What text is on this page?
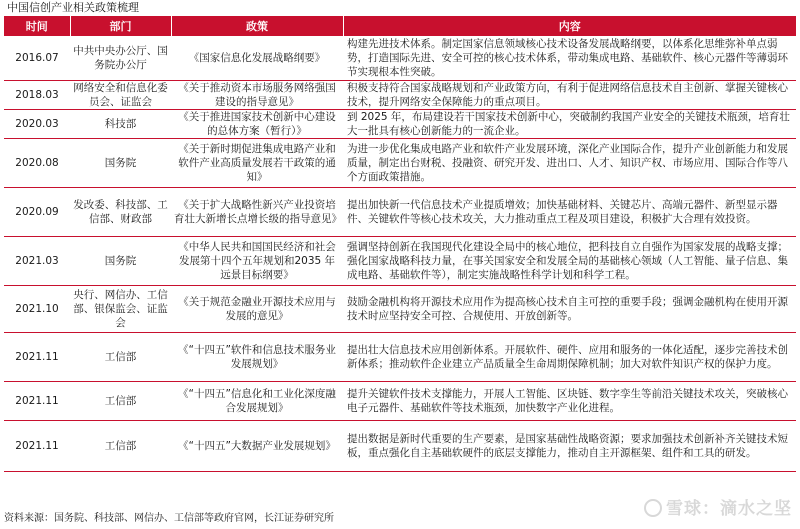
中国信创产业相关政策梳理
时间	部门	政策	内容
2016.07	中共中央办公厅、国务院办公厅	《国家信息化发展战略纲要》	构建先进技术体系。制定国家信息领域核心技术设备发展战略纲要，以体系化思维弥补单点弱势，打造国际先进、安全可控的核心技术体系，带动集成电路、基础软件、核心元器件等薄弱环节实现根本性突破。
2018.03	网络安全和信息化委员会、证监会	《关于推动资本市场服务网络强国建设的指导意见》	积极支持符合国家战略规划和产业政策方向，有利于促进网络信息技术自主创新、掌握关键核心技术，提升网络安全保障能力的重点项目。
2020.03	科技部	《关于推进国家技术创新中心建设的总体方案（暂行）》	到 2025 年，布局建设若干国家技术创新中心，突破制约我国产业安全的关键技术瓶颈，培育壮大一批具有核心创新能力的一流企业。
2020.08	国务院	《关于新时期促进集成电路产业和软件产业高质量发展若干政策的通知》	为进一步优化集成电路产业和软件产业发展环境，深化产业国际合作，提升产业创新能力和发展质量，制定出台财税、投融资、研究开发、进出口、人才、知识产权、市场应用、国际合作等八个方面政策措施。
2020.09	发改委、科技部、工信部、财政部	《关于扩大战略性新兴产业投资培育壮大新增长点增长级的指导意见》	提出加快新一代信息技术产业提质增效；加快基础材料、关键芯片、高端元器件、新型显示器件、关键软件等核心技术攻关，大力推动重点工程及项目建设，积极扩大合理有效投资。
2021.03	国务院	《中华人民共和国国民经济和社会发展第十四个五年规划和2035 年远景目标纲要》	强调坚持创新在我国现代化建设全局中的核心地位，把科技自立自强作为国家发展的战略支撑；强化国家战略科技力量，在事关国家安全和发展全局的基础核心领域（人工智能、量子信息、集成电路、基础软件等），制定实施战略性科学计划和科学工程。
2021.10	央行、网信办、工信部、银保监会、证监会	《关于规范金融业开源技术应用与发展的意见》	鼓励金融机构将开源技术应用作为提高核心技术自主可控的重要手段；强调金融机构在使用开源技术时应坚持安全可控、合规使用、开放创新等。
2021.11	工信部	《“十四五”软件和信息技术服务业发展规划》	提出壮大信息技术应用创新体系。开展软件、硬件、应用和服务的一体化适配，逐步完善技术创新体系；推动软件企业建立产品质量全生命周期保障机制；加大对软件知识产权的保护力度。
2021.11	工信部	《“十四五”信息化和工业化深度融合发展规划》	提升关键软件技术支撑能力，开展人工智能、区块链、数字孪生等前沿关键技术攻关，突破核心电子元器件、基础软件等技术瓶颈，加快数字产业化进程。
2021.11	工信部	《“十四五”大数据产业发展规划》	提出数据是新时代重要的生产要素，是国家基础性战略资源；要求加强技术创新补齐关键技术短板，重点强化自主基础软硬件的底层支撑能力，推动自主开源框架、组件和工具的研发。
资料来源：国务院、科技部、网信办、工信部等政府官网，长江证券研究所	雪球：滴水之坚
